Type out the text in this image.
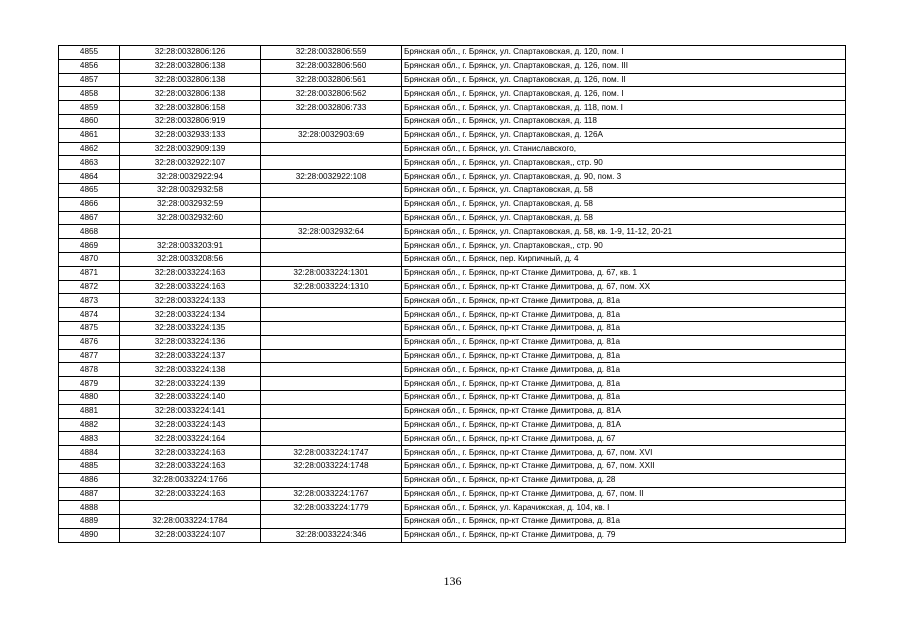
4855	32:28:0032806:126	32:28:0032806:559	Брянская обл., г. Брянск, ул. Спартаковская, д. 120, пом. I
4856	32:28:0032806:138	32:28:0032806:560	Брянская обл., г. Брянск, ул. Спартаковская, д. 126, пом. III
4857	32:28:0032806:138	32:28:0032806:561	Брянская обл., г. Брянск, ул. Спартаковская, д. 126, пом. II
4858	32:28:0032806:138	32:28:0032806:562	Брянская обл., г. Брянск, ул. Спартаковская, д. 126, пом. I
4859	32:28:0032806:158	32:28:0032806:733	Брянская обл., г. Брянск, ул. Спартаковская, д. 118, пом. I
4860	32:28:0032806:919		Брянская обл., г. Брянск, ул. Спартаковская, д. 118
4861	32:28:0032933:133	32:28:0032903:69	Брянская обл., г. Брянск, ул. Спартаковская, д. 126А
4862	32:28:0032909:139		Брянская обл., г. Брянск, ул. Станиславского,
4863	32:28:0032922:107		Брянская обл., г. Брянск, ул. Спартаковская,, стр. 90
4864	32:28:0032922:94	32:28:0032922:108	Брянская обл., г. Брянск, ул. Спартаковская, д. 90, пом. 3
4865	32:28:0032932:58		Брянская обл., г. Брянск, ул. Спартаковская, д. 58
4866	32:28:0032932:59		Брянская обл., г. Брянск, ул. Спартаковская, д. 58
4867	32:28:0032932:60		Брянская обл., г. Брянск, ул. Спартаковская, д. 58
4868		32:28:0032932:64	Брянская обл., г. Брянск, ул. Спартаковская, д. 58, кв. 1-9, 11-12, 20-21
4869	32:28:0033203:91		Брянская обл., г. Брянск, ул. Спартаковская,, стр. 90
4870	32:28:0033208:56		Брянская обл., г. Брянск, пер. Кирпичный, д. 4
4871	32:28:0033224:163	32:28:0033224:1301	Брянская обл., г. Брянск, пр-кт Станке Димитрова, д. 67, кв. 1
4872	32:28:0033224:163	32:28:0033224:1310	Брянская обл., г. Брянск, пр-кт Станке Димитрова, д. 67, пом. XX
4873	32:28:0033224:133		Брянская обл., г. Брянск, пр-кт Станке Димитрова, д. 81а
4874	32:28:0033224:134		Брянская обл., г. Брянск, пр-кт Станке Димитрова, д. 81а
4875	32:28:0033224:135		Брянская обл., г. Брянск, пр-кт Станке Димитрова, д. 81а
4876	32:28:0033224:136		Брянская обл., г. Брянск, пр-кт Станке Димитрова, д. 81а
4877	32:28:0033224:137		Брянская обл., г. Брянск, пр-кт Станке Димитрова, д. 81а
4878	32:28:0033224:138		Брянская обл., г. Брянск, пр-кт Станке Димитрова, д. 81а
4879	32:28:0033224:139		Брянская обл., г. Брянск, пр-кт Станке Димитрова, д. 81а
4880	32:28:0033224:140		Брянская обл., г. Брянск, пр-кт Станке Димитрова, д. 81а
4881	32:28:0033224:141		Брянская обл., г. Брянск, пр-кт Станке Димитрова, д. 81А
4882	32:28:0033224:143		Брянская обл., г. Брянск, пр-кт Станке Димитрова, д. 81А
4883	32:28:0033224:164		Брянская обл., г. Брянск, пр-кт Станке Димитрова, д. 67
4884	32:28:0033224:163	32:28:0033224:1747	Брянская обл., г. Брянск, пр-кт Станке Димитрова, д. 67, пом. XVI
4885	32:28:0033224:163	32:28:0033224:1748	Брянская обл., г. Брянск, пр-кт Станке Димитрова, д. 67, пом. XXII
4886	32:28:0033224:1766		Брянская обл., г. Брянск, пр-кт Станке Димитрова, д. 28
4887	32:28:0033224:163	32:28:0033224:1767	Брянская обл., г. Брянск, пр-кт Станке Димитрова, д. 67, пом. II
4888		32:28:0033224:1779	Брянская обл., г. Брянск, ул. Карачижская, д. 104, кв. I
4889	32:28:0033224:1784		Брянская обл., г. Брянск, пр-кт Станке Димитрова, д. 81а
4890	32:28:0033224:107	32:28:0033224:346	Брянская обл., г. Брянск, пр-кт Станке Димитрова, д. 79
136
